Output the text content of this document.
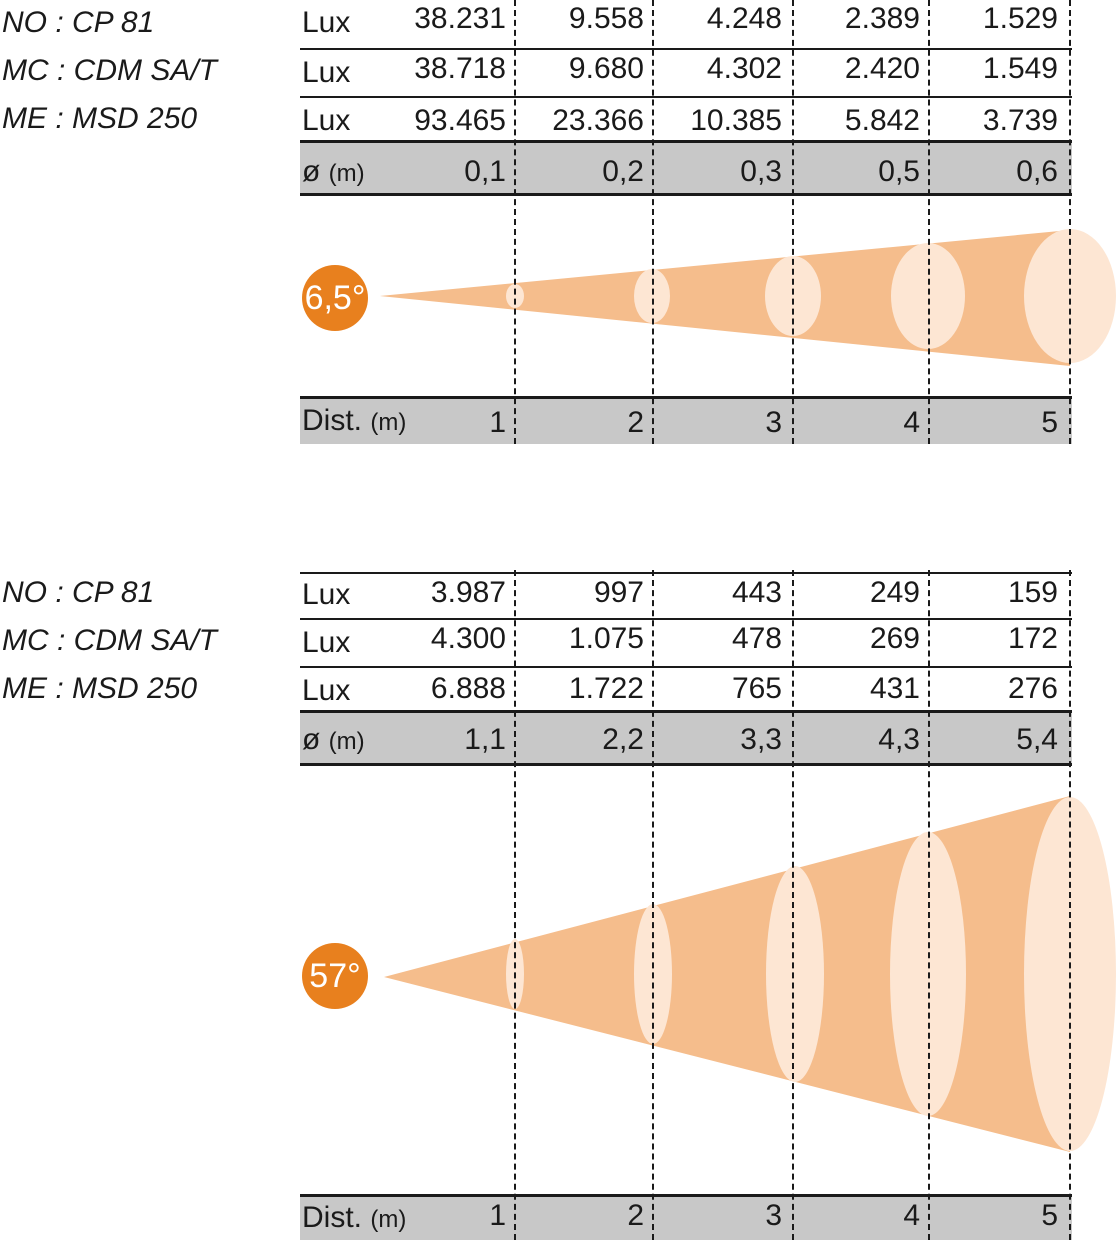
NO : CP 81
MC : CDM SA/T
ME : MSD 250
Lux	38.231	9.558	4.248	2.389	1.529
Lux	38.718	9.680	4.302	2.420	1.549
Lux	93.465	23.366	10.385	5.842	3.739
ø (m)	0,1	0,2	0,3	0,5	0,6
6,5°
Dist. (m)	1	2	3	4	5
NO : CP 81
MC : CDM SA/T
ME : MSD 250
Lux	3.987	997	443	249	159
Lux	4.300	1.075	478	269	172
Lux	6.888	1.722	765	431	276
ø (m)	1,1	2,2	3,3	4,3	5,4
57°
Dist. (m)	1	2	3	4	5
